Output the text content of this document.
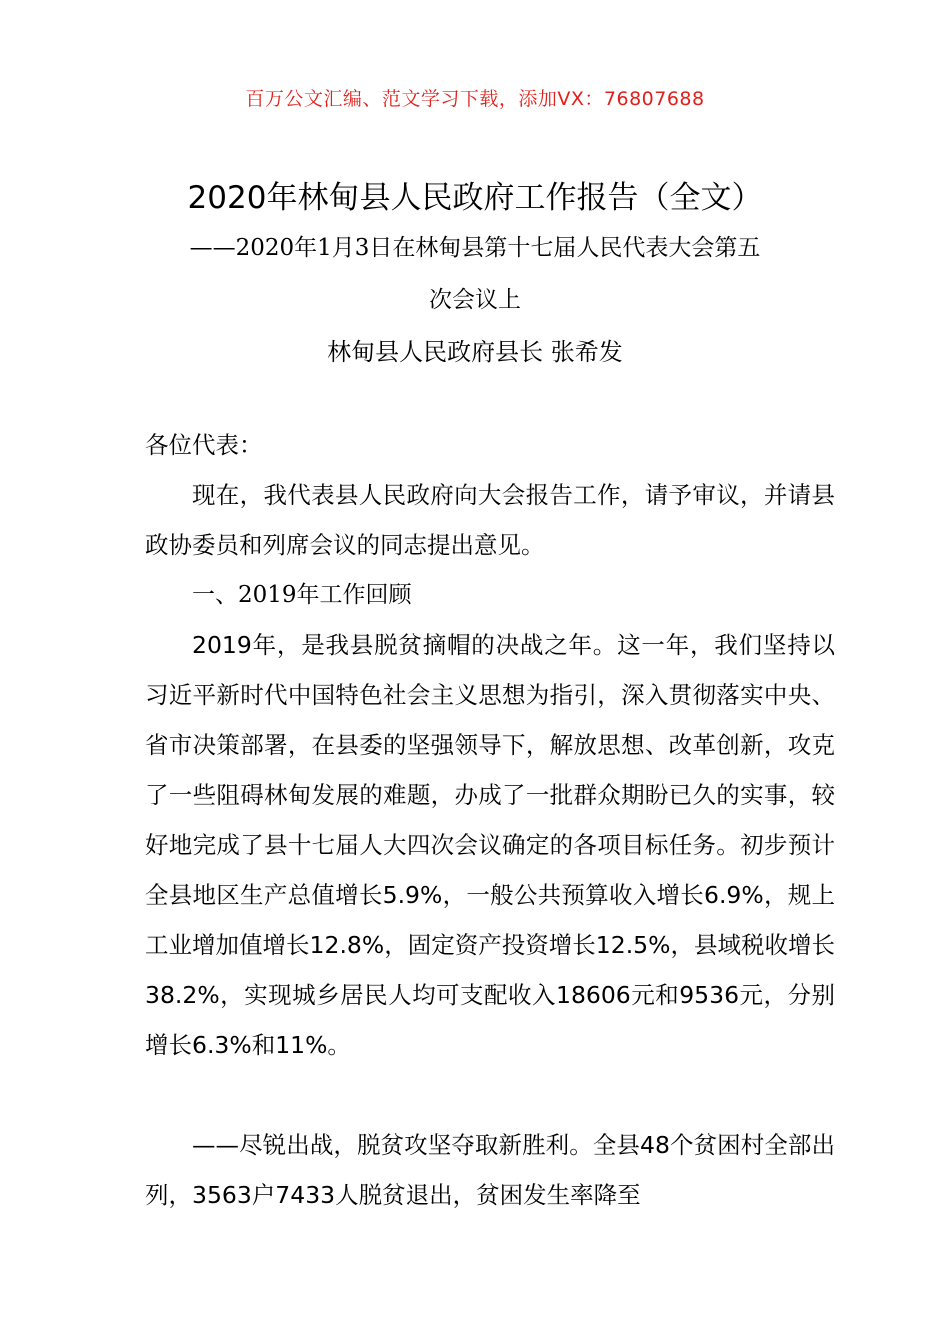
百万公文汇编、范文学习下载，添加VX：76807688
2020年林甸县人民政府工作报告（全文）
——2020年1月3日在林甸县第十七届人民代表大会第五
次会议上
林甸县人民政府县长 张希发
各位代表：
现在，我代表县人民政府向大会报告工作，请予审议，并请县政协委员和列席会议的同志提出意见。
一、2019年工作回顾
2019年，是我县脱贫摘帽的决战之年。这一年，我们坚持以习近平新时代中国特色社会主义思想为指引，深入贯彻落实中央、省市决策部署，在县委的坚强领导下，解放思想、改革创新，攻克了一些阻碍林甸发展的难题，办成了一批群众期盼已久的实事，较好地完成了县十七届人大四次会议确定的各项目标任务。初步预计全县地区生产总值增长5.9%，一般公共预算收入增长6.9%，规上工业增加值增长12.8%，固定资产投资增长12.5%，县域税收增长38.2%，实现城乡居民人均可支配收入18606元和9536元，分别增长6.3%和11%。
——尽锐出战，脱贫攻坚夺取新胜利。全县48个贫困村全部出列，3563户7433人脱贫退出，贫困发生率降至
